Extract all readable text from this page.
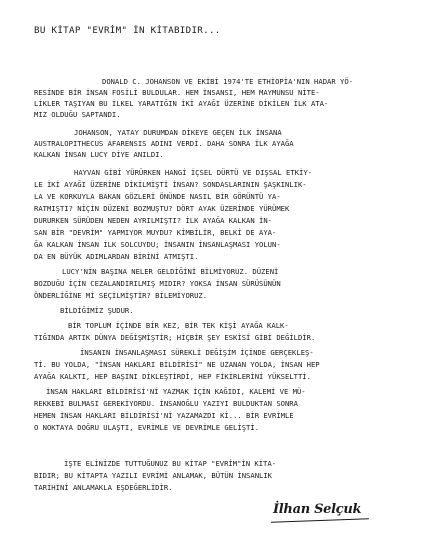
BU KİTAP "EVRİM" İN KİTABIDIR...
DONALD C. JOHANSON VE EKİBİ 1974'TE ETHİOPİA'NIN HADAR YÖ-
RESİNDE BİR İNSAN FOSİLİ BULDULAR. HEM İNSANSI, HEM MAYMUNSU NİTE-
LİKLER TAŞIYAN BU İLKEL YARATIĞIN İKİ AYAĞI ÜZERİNE DİKİLEN İLK ATA-
MIZ OLDUĞU SAPTANDI.
JOHANSON, YATAY DURUMDAN DİKEYE GEÇEN İLK İNSANA
AUSTRALOPITHECUS AFARENSIS ADINI VERDİ. DAHA SONRA İLK AYAĞA
KALKAN İNSAN LUCY DİYE ANILDI.
HAYVAN GİBİ YÜRÜRKEN HANGİ İÇSEL DÜRTÜ VE DIŞSAL ETKİY-
LE İKİ AYAĞI ÜZERİNE DİKİLMİŞTİ İNSAN? SONDASLARININ ŞAŞKINLIK-
LA VE KORKUYLA BAKAN GÖZLERİ ÖNÜNDE NASIL BİR GÖRÜNTÜ YA-
RATMIŞTI? NİÇİN DÜZENİ BOZMUŞTU? DÖRT AYAK ÜZERİNDE YÜRÜMEK
DURURKEN SÜRÜDEN NEDEN AYRILMIŞTI? İLK AYAĞA KALKAN İN-
SAN BİR "DEVRİM" YAPMIYOR MUYDU? KİMBİLİR, BELKİ DE AYA-
ĞA KALKAN İNSAN İLK SOLCUYDU; İNSANIN İNSANLAŞMASI YOLUN-
DA EN BÜYÜK ADIMLARDAN BİRİNİ ATMIŞTI.
LUCY'NİN BAŞINA NELER GELDİĞİNİ BİLMİYORUZ. DÜZENİ
BOZDUĞU İÇİN CEZALANDIRILMIŞ MIDIR? YOKSA İNSAN SÜRÜSÜNÜN
ÖNDERLİĞİNE Mİ SEÇİLMİŞTİR? BİLEMİYORUZ.
BİLDİĞİMİZ ŞUDUR.
BİR TOPLUM İÇİNDE BİR KEZ, BİR TEK KİŞİ AYAĞA KALK-
TIĞINDA ARTIK DÜNYA DEĞİŞMİŞTİR; HİÇBİR ŞEY ESKİSİ GİBİ DEĞİLDİR.
İNSANIN İNSANLAŞMASI SÜREKLİ DEĞİŞİM İÇİNDE GERÇEKLEŞ-
Tİ. BU YOLDA, "İNSAN HAKLARI BİLDİRİSİ" NE UZANAN YOLDA, İNSAN HEP
AYAĞA KALKTI, HEP BAŞINI DİKLEŞTİRDİ, HEP FİKİRLERİNİ YÜKSELTTİ.
İNSAN HAKLARI BİLDİRİSİ'Nİ YAZMAK İÇİN KAĞIDI, KALEMİ VE MÜ-
REKKEBİ BULMASI GEREKİYORDU. İNSANOĞLU YAZIYI BULDUKTAN SONRA
HEMEN İNSAN HAKLARI BİLDİRİSİ'Nİ YAZAMAZDI Kİ... BİR EVRİMLE
O NOKTAYA DOĞRU ULAŞTI, EVRİMLE VE DEVRİMLE GELİŞTİ.
İŞTE ELİNİZDE TUTTUĞUNUZ BU KİTAP "EVRİM"İN KİTA-
BIDIR; BU KİTAPTA YAZILI EVRİMİ ANLAMAK, BÜTÜN İNSANLIK
TARİHİNİ ANLAMAKLA EŞDEĞERLİDİR.
İlhan Selçuk
